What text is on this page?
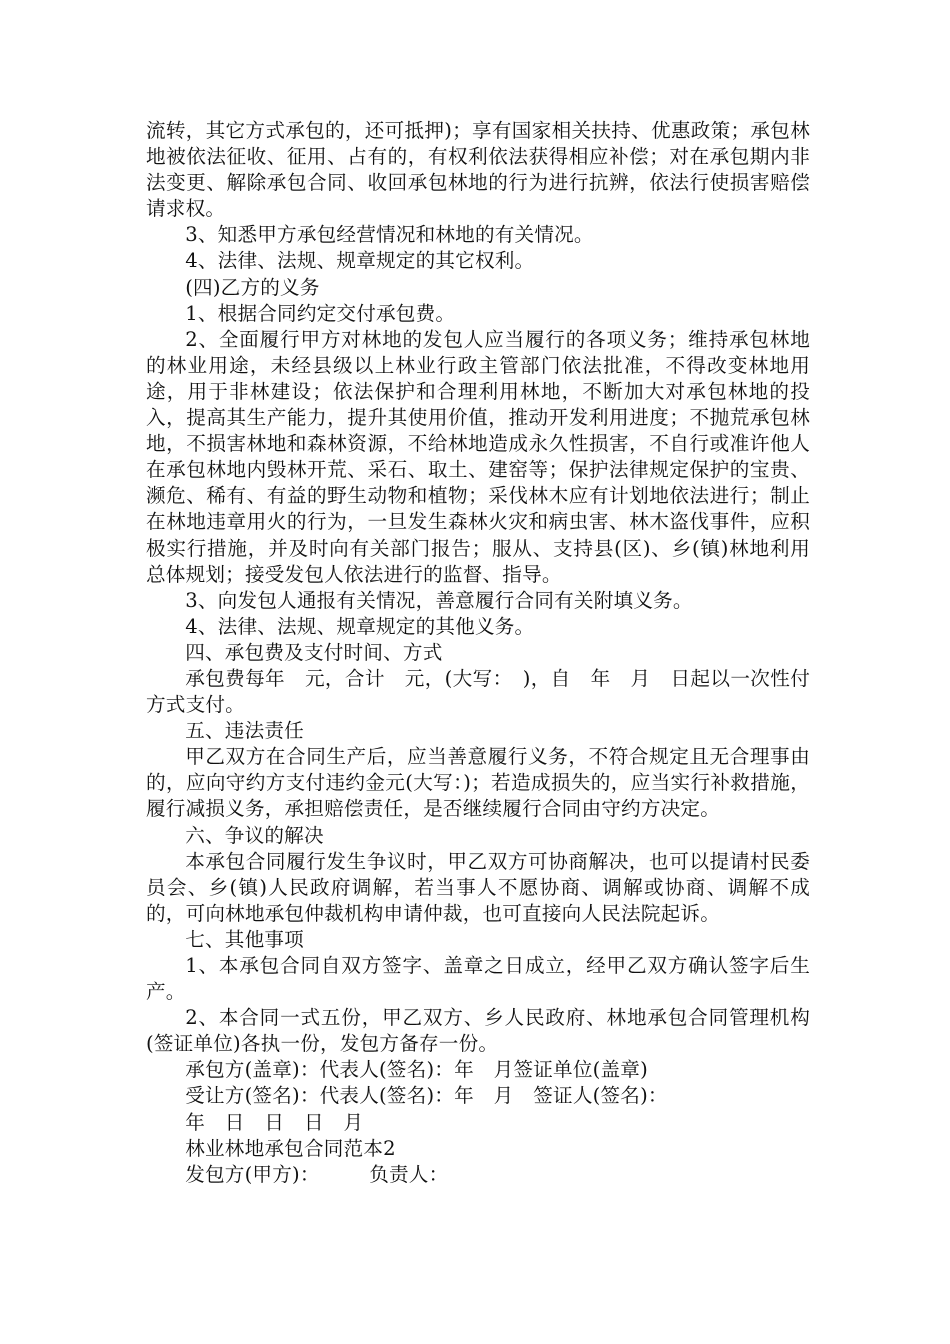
流转，其它方式承包的，还可抵押)；享有国家相关扶持、优惠政策；承包林地被依法征收、征用、占有的，有权利依法获得相应补偿；对在承包期内非法变更、解除承包合同、收回承包林地的行为进行抗辨，依法行使损害赔偿请求权。

3、知悉甲方承包经营情况和林地的有关情况。

4、法律、法规、规章规定的其它权利。

(四)乙方的义务

1、根据合同约定交付承包费。

2、全面履行甲方对林地的发包人应当履行的各项义务；维持承包林地的林业用途，未经县级以上林业行政主管部门依法批准，不得改变林地用途，用于非林建设；依法保护和合理利用林地，不断加大对承包林地的投入，提高其生产能力，提升其使用价值，推动开发利用进度；不抛荒承包林地，不损害林地和森林资源，不给林地造成永久性损害，不自行或准许他人在承包林地内毁林开荒、采石、取土、建窑等；保护法律规定保护的宝贵、濒危、稀有、有益的野生动物和植物；采伐林木应有计划地依法进行；制止在林地违章用火的行为，一旦发生森林火灾和病虫害、林木盗伐事件，应积极实行措施，并及时向有关部门报告；服从、支持县(区)、乡(镇)林地利用总体规划；接受发包人依法进行的监督、指导。

3、向发包人通报有关情况，善意履行合同有关附填义务。

4、法律、法规、规章规定的其他义务。

四、承包费及支付时间、方式

承包费每年　元，合计　元，(大写：　)，自　年　月　日起以一次性付方式支付。

五、违法责任

甲乙双方在合同生产后，应当善意履行义务，不符合规定且无合理事由的，应向守约方支付违约金元(大写：)；若造成损失的，应当实行补救措施，履行减损义务，承担赔偿责任，是否继续履行合同由守约方决定。

六、争议的解决

本承包合同履行发生争议时，甲乙双方可协商解决，也可以提请村民委员会、乡(镇)人民政府调解，若当事人不愿协商、调解或协商、调解不成的，可向林地承包仲裁机构申请仲裁，也可直接向人民法院起诉。

七、其他事项

1、本承包合同自双方签字、盖章之日成立，经甲乙双方确认签字后生产。

2、本合同一式五份，甲乙双方、乡人民政府、林地承包合同管理机构(签证单位)各执一份，发包方备存一份。

承包方(盖章)：代表人(签名)：年　月签证单位(盖章)

受让方(签名)：代表人(签名)：年　月　签证人(签名)：

年　日　日　日　月

林业林地承包合同范本2

发包方(甲方)：　　　负责人：
